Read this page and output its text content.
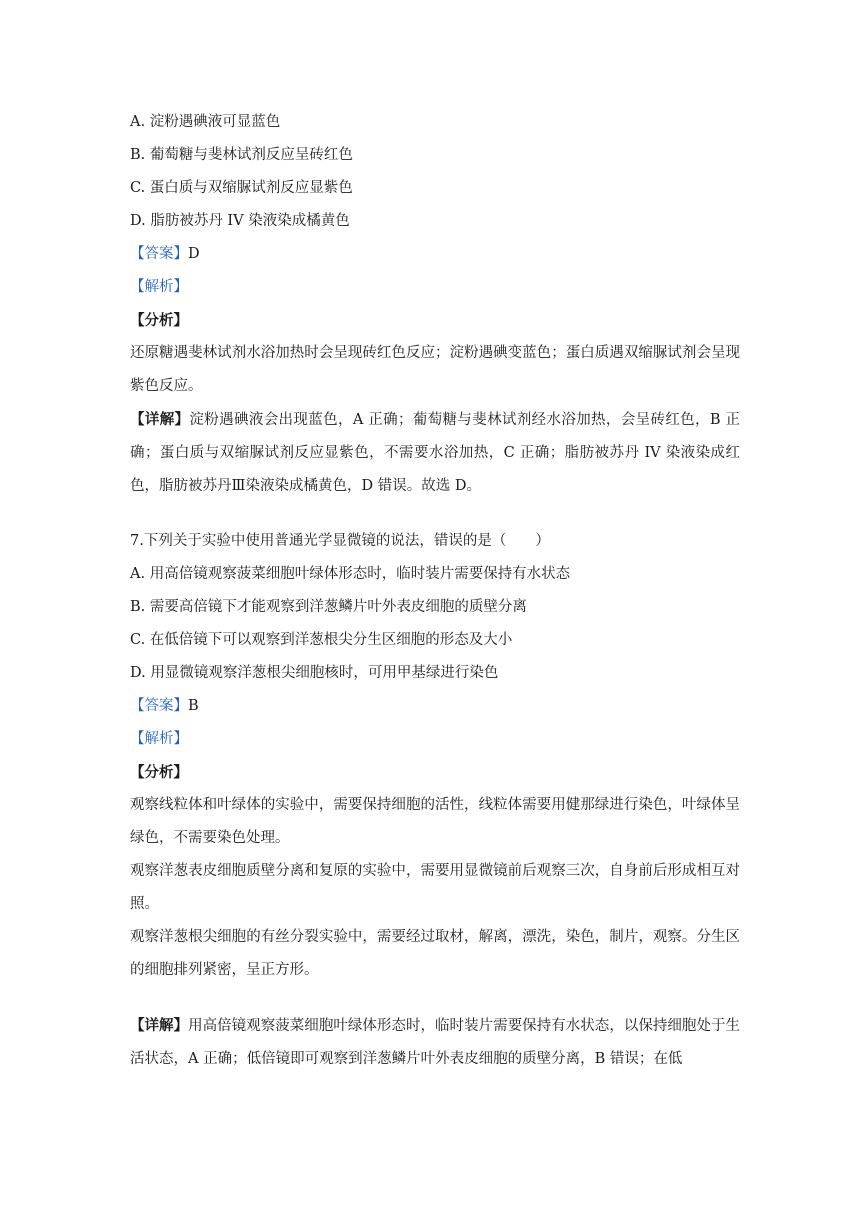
A. 淀粉遇碘液可显蓝色
B. 葡萄糖与斐林试剂反应呈砖红色
C. 蛋白质与双缩脲试剂反应显紫色
D. 脂肪被苏丹 IV 染液染成橘黄色
【答案】D
【解析】
【分析】
还原糖遇斐林试剂水浴加热时会呈现砖红色反应；淀粉遇碘变蓝色；蛋白质遇双缩脲试剂会呈现紫色反应。
【详解】淀粉遇碘液会出现蓝色，A 正确；葡萄糖与斐林试剂经水浴加热，会呈砖红色，B 正确；蛋白质与双缩脲试剂反应显紫色，不需要水浴加热，C 正确；脂肪被苏丹 IV 染液染成红色，脂肪被苏丹Ⅲ染液染成橘黄色，D 错误。故选 D。
7.下列关于实验中使用普通光学显微镜的说法，错误的是（　　）
A. 用高倍镜观察菠菜细胞叶绿体形态时，临时装片需要保持有水状态
B. 需要高倍镜下才能观察到洋葱鳞片叶外表皮细胞的质壁分离
C. 在低倍镜下可以观察到洋葱根尖分生区细胞的形态及大小
D. 用显微镜观察洋葱根尖细胞核时，可用甲基绿进行染色
【答案】B
【解析】
【分析】
观察线粒体和叶绿体的实验中，需要保持细胞的活性，线粒体需要用健那绿进行染色，叶绿体呈绿色，不需要染色处理。
观察洋葱表皮细胞质壁分离和复原的实验中，需要用显微镜前后观察三次，自身前后形成相互对照。
观察洋葱根尖细胞的有丝分裂实验中，需要经过取材，解离，漂洗，染色，制片，观察。分生区的细胞排列紧密，呈正方形。
【详解】用高倍镜观察菠菜细胞叶绿体形态时，临时装片需要保持有水状态，以保持细胞处于生活状态，A 正确；低倍镜即可观察到洋葱鳞片叶外表皮细胞的质壁分离，B 错误；在低
